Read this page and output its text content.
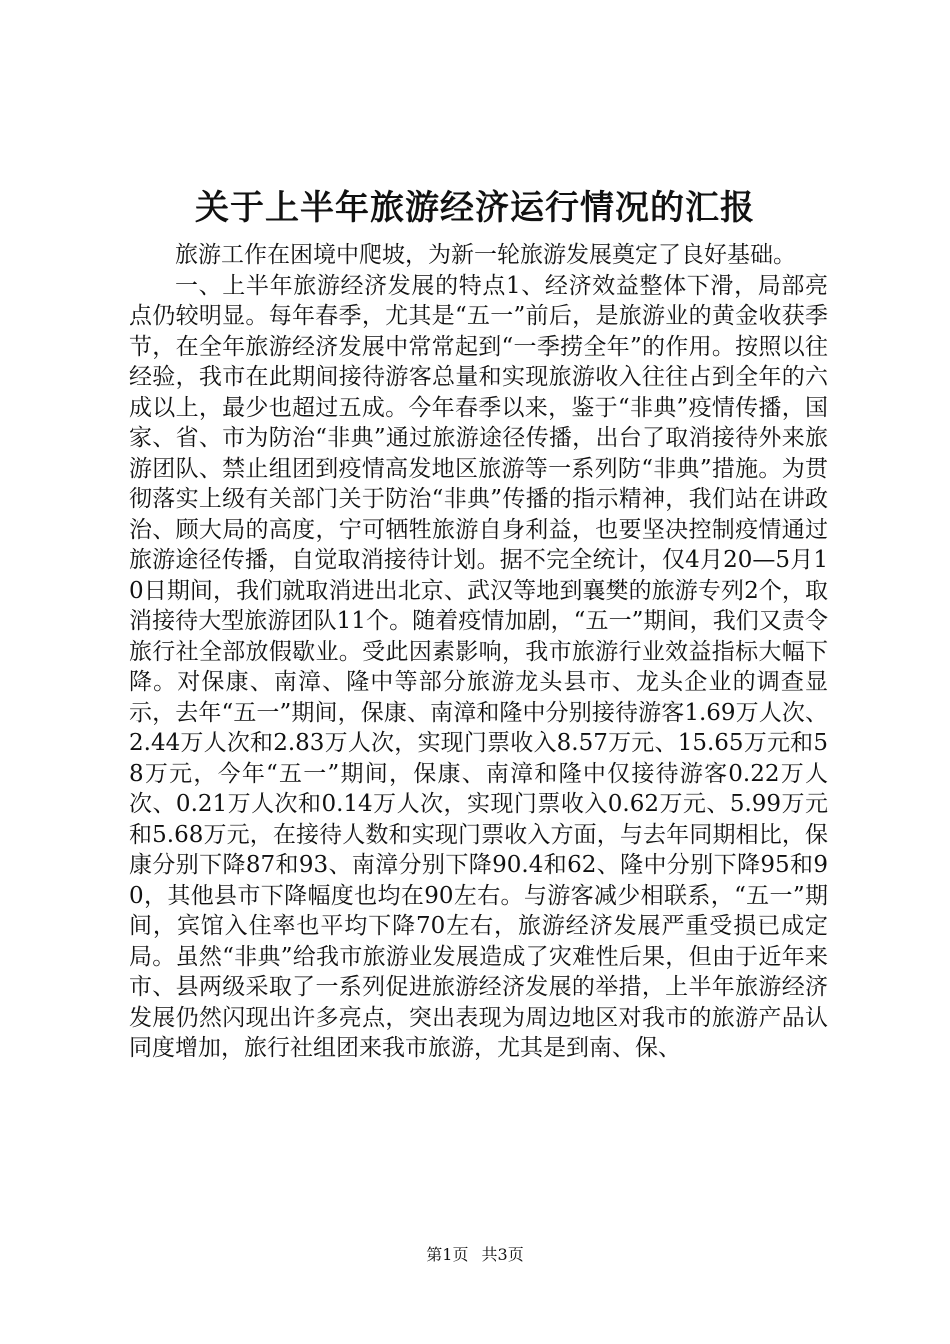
关于上半年旅游经济运行情况的汇报

旅游工作在困境中爬坡，为新一轮旅游发展奠定了良好基础。

一、上半年旅游经济发展的特点1、经济效益整体下滑，局部亮点仍较明显。每年春季，尤其是“五一”前后，是旅游业的黄金收获季节，在全年旅游经济发展中常常起到“一季捞全年”的作用。按照以往经验，我市在此期间接待游客总量和实现旅游收入往往占到全年的六成以上，最少也超过五成。今年春季以来，鉴于“非典”疫情传播，国家、省、市为防治“非典”通过旅游途径传播，出台了取消接待外来旅游团队、禁止组团到疫情高发地区旅游等一系列防“非典”措施。为贯彻落实上级有关部门关于防治“非典”传播的指示精神，我们站在讲政治、顾大局的高度，宁可牺牲旅游自身利益，也要坚决控制疫情通过旅游途径传播，自觉取消接待计划。据不完全统计，仅4月20—5月10日期间，我们就取消进出北京、武汉等地到襄樊的旅游专列2个，取消接待大型旅游团队11个。随着疫情加剧，“五一”期间，我们又责令旅行社全部放假歇业。受此因素影响，我市旅游行业效益指标大幅下降。对保康、南漳、隆中等部分旅游龙头县市、龙头企业的调查显示，去年“五一”期间，保康、南漳和隆中分别接待游客1.69万人次、2.44万人次和2.83万人次，实现门票收入8.57万元、15.65万元和58万元，今年“五一”期间，保康、南漳和隆中仅接待游客0.22万人次、0.21万人次和0.14万人次，实现门票收入0.62万元、5.99万元和5.68万元，在接待人数和实现门票收入方面，与去年同期相比，保康分别下降87和93、南漳分别下降90.4和62、隆中分别下降95和90，其他县市下降幅度也均在90左右。与游客减少相联系，“五一”期间，宾馆入住率也平均下降70左右，旅游经济发展严重受损已成定局。虽然“非典”给我市旅游业发展造成了灾难性后果，但由于近年来市、县两级采取了一系列促进旅游经济发展的举措，上半年旅游经济发展仍然闪现出许多亮点，突出表现为周边地区对我市的旅游产品认同度增加，旅行社组团来我市旅游，尤其是到南、保、

第1页 共3页
